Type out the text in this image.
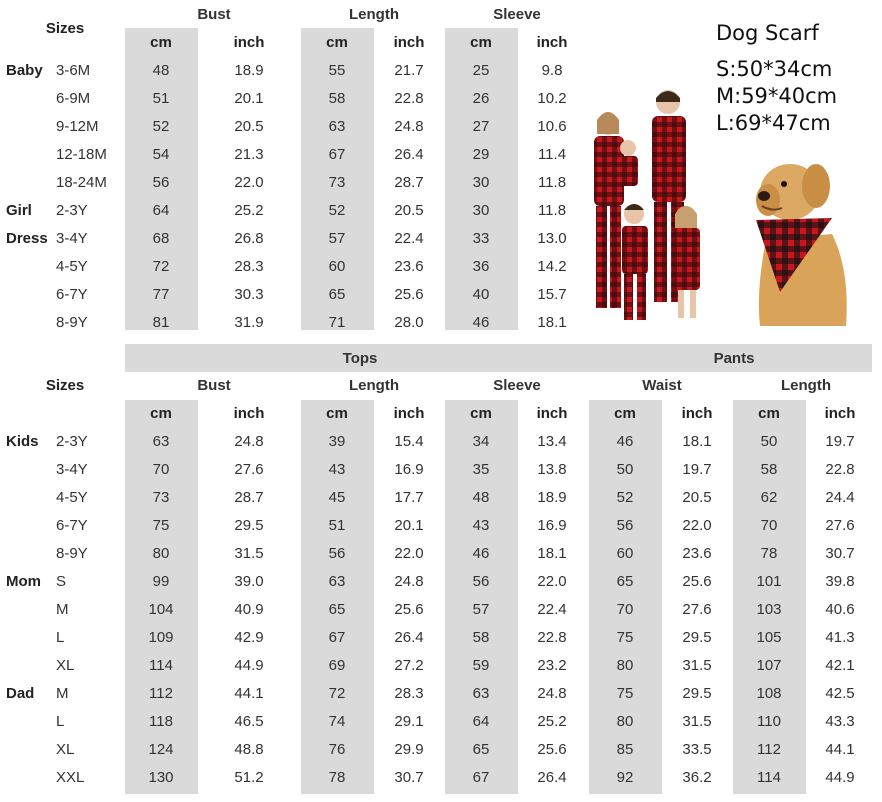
Sizes
Bust	Length	Sleeve
cm	inch	cm	inch	cm	inch
Baby 3-6M	48	18.9	55	21.7	25	9.8
6-9M	51	20.1	58	22.8	26	10.2
9-12M	52	20.5	63	24.8	27	10.6
12-18M	54	21.3	67	26.4	29	11.4
18-24M	56	22.0	73	28.7	30	11.8
Girl 2-3Y	64	25.2	52	20.5	30	11.8
Dress 3-4Y	68	26.8	57	22.4	33	13.0
4-5Y	72	28.3	60	23.6	36	14.2
6-7Y	77	30.3	65	25.6	40	15.7
8-9Y	81	31.9	71	28.0	46	18.1
Dog Scarf
S:50*34cm
M:59*40cm
L:69*47cm
Tops	Pants
Sizes	Bust	Length	Sleeve	Waist	Length
cm	inch	cm	inch	cm	inch	cm	inch	cm	inch
Kids 2-3Y	63	24.8	39	15.4	34	13.4	46	18.1	50	19.7
3-4Y	70	27.6	43	16.9	35	13.8	50	19.7	58	22.8
4-5Y	73	28.7	45	17.7	48	18.9	52	20.5	62	24.4
6-7Y	75	29.5	51	20.1	43	16.9	56	22.0	70	27.6
8-9Y	80	31.5	56	22.0	46	18.1	60	23.6	78	30.7
Mom S	99	39.0	63	24.8	56	22.0	65	25.6	101	39.8
M	104	40.9	65	25.6	57	22.4	70	27.6	103	40.6
L	109	42.9	67	26.4	58	22.8	75	29.5	105	41.3
XL	114	44.9	69	27.2	59	23.2	80	31.5	107	42.1
Dad M	112	44.1	72	28.3	63	24.8	75	29.5	108	42.5
L	118	46.5	74	29.1	64	25.2	80	31.5	110	43.3
XL	124	48.8	76	29.9	65	25.6	85	33.5	112	44.1
XXL	130	51.2	78	30.7	67	26.4	92	36.2	114	44.9
